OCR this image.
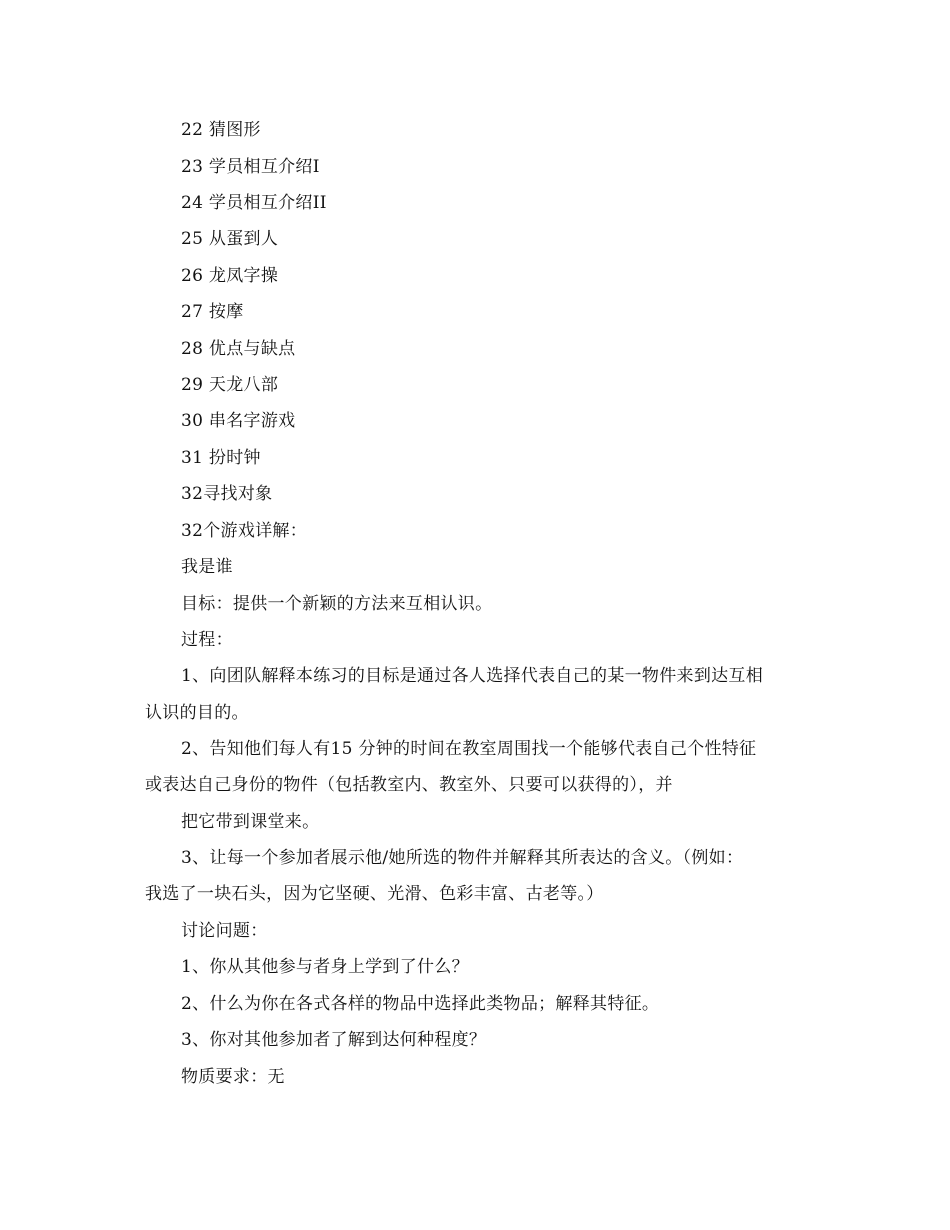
22 猜图形
23 学员相互介绍I
24 学员相互介绍II
25 从蛋到人
26 龙凤字操
27 按摩
28 优点与缺点
29 天龙八部
30 串名字游戏
31 扮时钟
32寻找对象
32个游戏详解：
我是谁
目标：提供一个新颖的方法来互相认识。
过程：
1、向团队解释本练习的目标是通过各人选择代表自己的某一物件来到达互相
认识的目的。
2、告知他们每人有15 分钟的时间在教室周围找一个能够代表自己个性特征
或表达自己身份的物件（包括教室内、教室外、只要可以获得的），并
把它带到课堂来。
3、让每一个参加者展示他/她所选的物件并解释其所表达的含义。（例如：
我选了一块石头，因为它坚硬、光滑、色彩丰富、古老等。）
讨论问题：
1、你从其他参与者身上学到了什么？
2、什么为你在各式各样的物品中选择此类物品；解释其特征。
3、你对其他参加者了解到达何种程度？
物质要求：无
